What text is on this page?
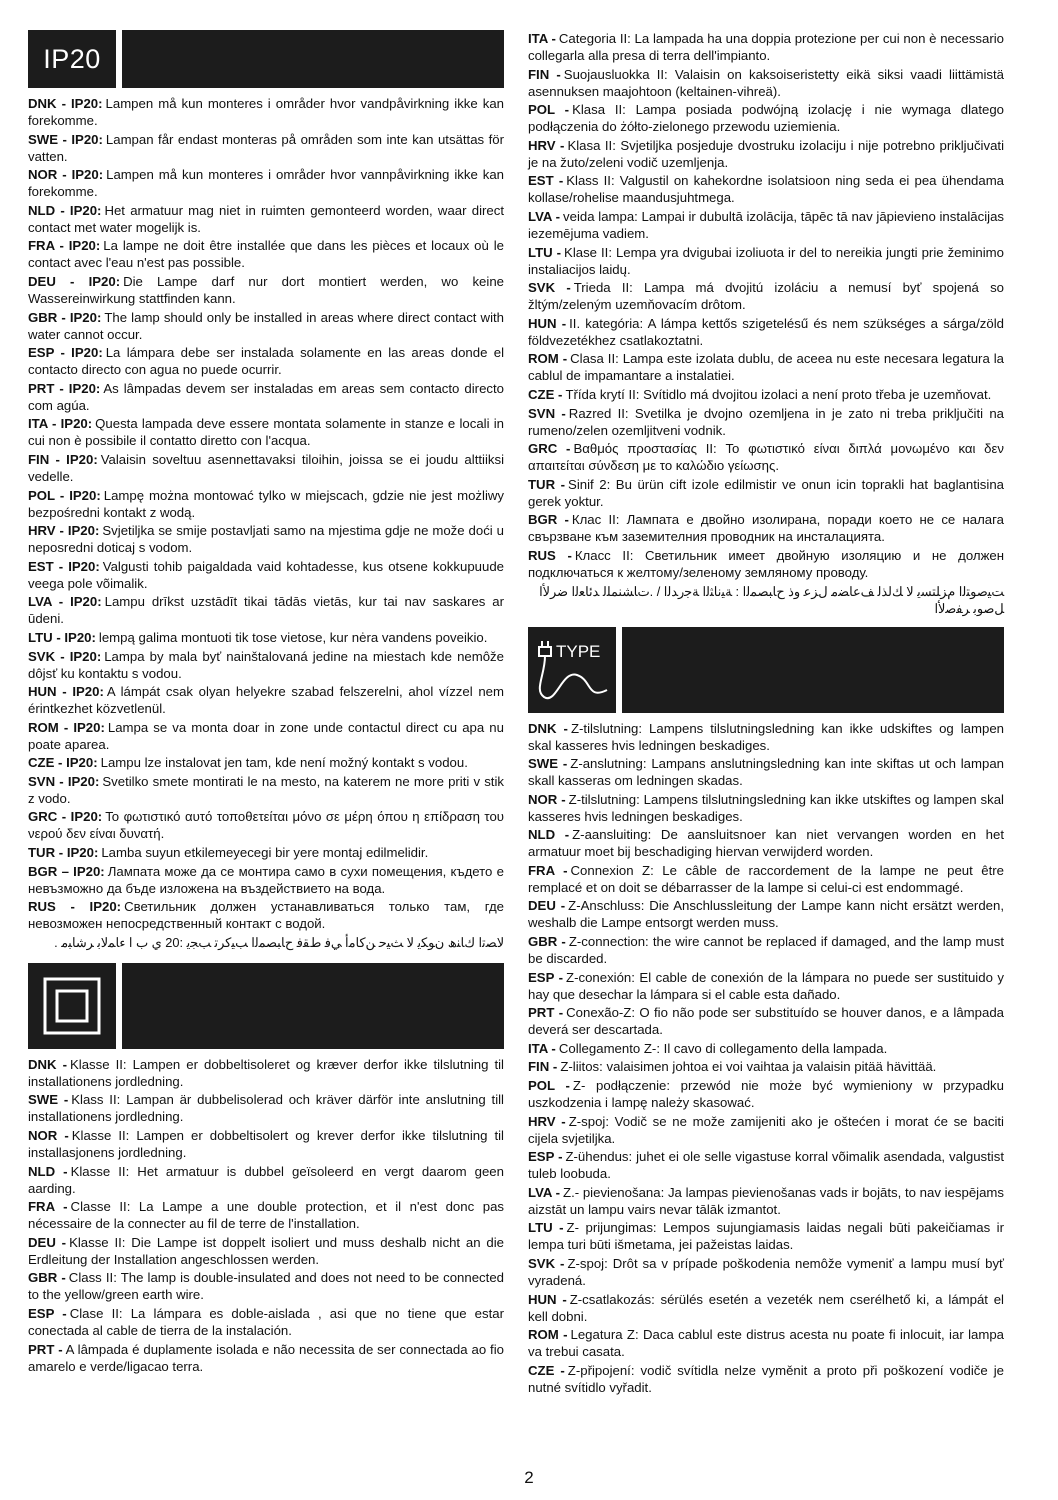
IP20

DNK - IP20: Lampen må kun monteres i områder hvor vandpåvirkning ikke kan forekomme.

SWE - IP20: Lampan får endast monteras på områden som inte kan utsättas för vatten.

NOR - IP20: Lampen må kun monteres i områder hvor vannpåvirkning ikke kan forekomme.

NLD - IP20: Het armatuur mag niet in ruimten gemonteerd worden, waar direct contact met water mogelijk is.

FRA - IP20: La lampe ne doit être installée que dans les pièces et locaux où le contact avec l'eau n'est pas possible.

DEU - IP20: Die Lampe darf nur dort montiert werden, wo keine Wassereinwirkung stattfinden kann.

GBR - IP20: The lamp should only be installed in areas where direct contact with water cannot occur.

ESP - IP20: La lámpara debe ser instalada solamente en las areas donde el contacto directo con agua no puede ocurrir.

PRT - IP20: As lâmpadas devem ser instaladas em areas sem contacto directo com agúa.

ITA - IP20: Questa lampada deve essere montata solamente in stanze e locali in cui non è possibile il contatto diretto con l'acqua.

FIN - IP20: Valaisin soveltuu asennettavaksi tiloihin, joissa se ei joudu alttiiksi vedelle.

POL - IP20: Lampę można montować tylko w miejscach, gdzie nie jest możliwy bezpośredni kontakt z wodą.

HRV - IP20: Svjetiljka se smije postavljati samo na mjestima gdje ne može doći u neposredni doticaj s vodom.

EST - IP20: Valgusti tohib paigaldada vaid kohtadesse, kus otsene kokkupuude veega pole võimalik.

LVA - IP20: Lampu drīkst uzstādīt tikai tādās vietās, kur tai nav saskares ar ūdeni.

LTU - IP20: lempą galima montuoti tik tose vietose, kur nėra vandens poveikio.

SVK - IP20: Lampa by mala byť nainštalovaná jedine na miestach kde nemôže dôjsť ku kontaktu s vodou.

HUN - IP20: A lámpát csak olyan helyekre szabad felszerelni, ahol vízzel nem érintkezhet közvetlenül.

ROM - IP20: Lampa se va monta doar in zone unde contactul direct cu apa nu poate aparea.

CZE - IP20: Lampu lze instalovat jen tam, kde není možný kontakt s vodou.

SVN - IP20: Svetilko smete montirati le na mesto, na katerem ne more priti v stik z vodo.

GRC - IP20: Το φωτιστικό αυτό τοποθετείται μόνο σε μέρη όπου η επίδραση του νερού δεν είναι δυνατή.

TUR - IP20: Lamba suyun etkilemeyecegi bir yere montaj edilmelidir.

BGR – IP20: Лампата може да се монтира само в сухи помещения, където е невъзможно да бъде изложена на въздействието на вода.

RUS - IP20: Светильник должен устанавливаться только там, где невозможен непосредственный контакт с водой.

ﻻﺼﺗا كﺎﻨھ نﻮﻜﯾ ﻻ ﺚﯿﺣ ﻦﻛﺎﻣأ ﻲﻓ طﻘﻓ حﺎﺒﺼﻤﻟا ﺐﯿﻛﺮﺗ ﺐﺠﯾ :20 ي ب ا ءﺎﻤﻟﺎﺑ ﺮﺷﺎﺒﻣ .

DNK - Klasse II: Lampen er dobbeltisoleret og kræver derfor ikke tilslutning til installationens jordledning.

SWE - Klass II: Lampan är dubbelisolerad och kräver därför inte anslutning till installationens jordledning.

NOR - Klasse II: Lampen er dobbeltisolert og krever derfor ikke tilslutning til installasjonens jordledning.

NLD - Klasse II: Het armatuur is dubbel geïsoleerd en vergt daarom geen aarding.

FRA - Classe II: La Lampe a une double protection, et il n'est donc pas nécessaire de la connecter au fil de terre de l'installation.

DEU - Klasse II: Die Lampe ist doppelt isoliert und muss deshalb nicht an die Erdleitung der Installation angeschlossen werden.

GBR - Class II: The lamp is double-insulated and does not need to be connected to the yellow/green earth wire.

ESP - Clase II: La lámpara es doble-aislada , asi que no tiene que estar conectada al cable de tierra de la instalación.

PRT - A lâmpada é duplamente isolada e não necessita de ser connectada ao fio amarelo e verde/ligacao terra.

ITA - Categoria II: La lampada ha una doppia protezione per cui non è necessario collegarla alla presa di terra dell'impianto.

FIN - Suojausluokka II: Valaisin on kaksoiseristetty eikä siksi vaadi liittämistä asennuksen maajohtoon (keltainen-vihreä).

POL - Klasa II: Lampa posiada podwójną izolację i nie wymaga dlatego podłączenia do żółto-zielonego przewodu uziemienia.

HRV - Klasa II: Svjetiljka posjeduje dvostruku izolaciju i nije potrebno priključivati je na žuto/zeleni vodič uzemljenja.

EST - Klass II: Valgustil on kahekordne isolatsioon ning seda ei pea ühendama kollase/rohelise maandusjuhtmega.

LVA - veida lampa: Lampai ir dubultā izolācija, tāpēc tā nav jāpievieno instalācijas iezemējuma vadiem.

LTU - Klase II: Lempa yra dvigubai izoliuota ir del to nereikia jungti prie žeminimo instaliacijos laidų.

SVK - Trieda II: Lampa má dvojitú izoláciu a nemusí byť spojená so žltým/zeleným uzemňovacím drôtom.

HUN - II. kategória: A lámpa kettős szigetelésű és nem szükséges a sárga/zöld földvezetékhez csatlakoztatni.

ROM - Clasa II: Lampa este izolata dublu, de aceea nu este necesara legatura la cablul de impamantare a instalatiei.

CZE - Třída krytí II: Svítidlo má dvojitou izolaci a není proto třeba je uzemňovat.

SVN - Razred II: Svetilka je dvojno ozemljena in je zato ni treba priključiti na rumeno/zelen ozemljitveni vodnik.

GRC - Βαθμός προστασίας II: Το φωτιστικό είναι διπλά μονωμένο και δεν απαιτείται σύνδεση με το καλώδιο γείωσης.

TUR - Sinif 2: Bu ürün cift izole edilmistir ve onun icin toprakli hat baglantisina gerek yoktur.

BGR - Клас II: Лампата е двойно изолирана, поради което не се налага свързване към заземителния проводник на инсталацията.

RUS - Класс II: Светильник имеет двойную изоляцию и не должен подключаться к желтому/зеленому земляному проводу.

ﺖﯿﺻﻮﺘﻟا مﺰﻠﺘﺴﯾ ﻻ ﻚﻟﺬﻟ ﻒﻋﺎﻀﻣ لﺰﻋ وذ حﺎﺒﺼﻤﻟا : ﺔﯿﻧﺎﺜﻟا ﺔﺟرﺪﻟا / .تﺎﺸﻨﻤﻠﻟ ﺪﺋﺎﻌﻟا ضرﻷا ﻞﺻﻮﺑ ﺮﻔﺻﻷا
TYPE

DNK - Z-tilslutning: Lampens tilslutningsledning kan ikke udskiftes og lampen skal kasseres hvis ledningen beskadiges.

SWE - Z-anslutning: Lampans anslutningsledning kan inte skiftas ut och lampan skall kasseras om ledningen skadas.

NOR - Z-tilslutning: Lampens tilslutningsledning kan ikke utskiftes og lampen skal kasseres hvis ledningen beskadiges.

NLD - Z-aansluiting: De aansluitsnoer kan niet vervangen worden en het armatuur moet bij beschadiging hiervan verwijderd worden.

FRA - Connexion Z: Le câble de raccordement de la lampe ne peut être remplacé et on doit se débarrasser de la lampe si celui-ci est endommagé.

DEU - Z-Anschluss: Die Anschlussleitung der Lampe kann nicht ersätzt werden, weshalb die Lampe entsorgt werden muss.

GBR - Z-connection: the wire cannot be replaced if damaged, and the lamp must be discarded.

ESP - Z-conexión: El cable de conexión de la lámpara no puede ser sustituido y hay que desechar la lámpara si el cable esta dañado.

PRT - Conexão-Z: O fio não pode ser substituído se houver danos, e a lâmpada deverá ser descartada.

ITA - Collegamento Z-: Il cavo di collegamento della lampada.

FIN - Z-liitos: valaisimen johtoa ei voi vaihtaa ja valaisin pitää hävittää.

POL - Z- podłączenie: przewód nie może być wymieniony w przypadku uszkodzenia i lampę należy skasować.

HRV - Z-spoj: Vodič se ne može zamijeniti ako je oštećen i morat će se baciti cijela svjetiljka.

ESP - Z-ühendus: juhet ei ole selle vigastuse korral võimalik asendada, valgustist tuleb loobuda.

LVA - Z.- pievienošana: Ja lampas pievienošanas vads ir bojāts, to nav iespējams aizstāt un lampu vairs nevar tālāk izmantot.

LTU - Z- prijungimas: Lempos sujungiamasis laidas negali būti pakeičiamas ir lempa turi būti išmetama, jei pažeistas laidas.

SVK - Z-spoj: Drôt sa v prípade poškodenia nemôže vymeniť a lampu musí byť vyradená.

HUN - Z-csatlakozás: sérülés esetén a vezeték nem cserélhető ki, a lámpát el kell dobni.

ROM - Legatura Z: Daca cablul este distrus acesta nu poate fi inlocuit, iar lampa va trebui casata.

CZE - Z-připojení: vodič svítidla nelze vyměnit a proto při poškození vodiče je nutné svítidlo vyřadit.

2
